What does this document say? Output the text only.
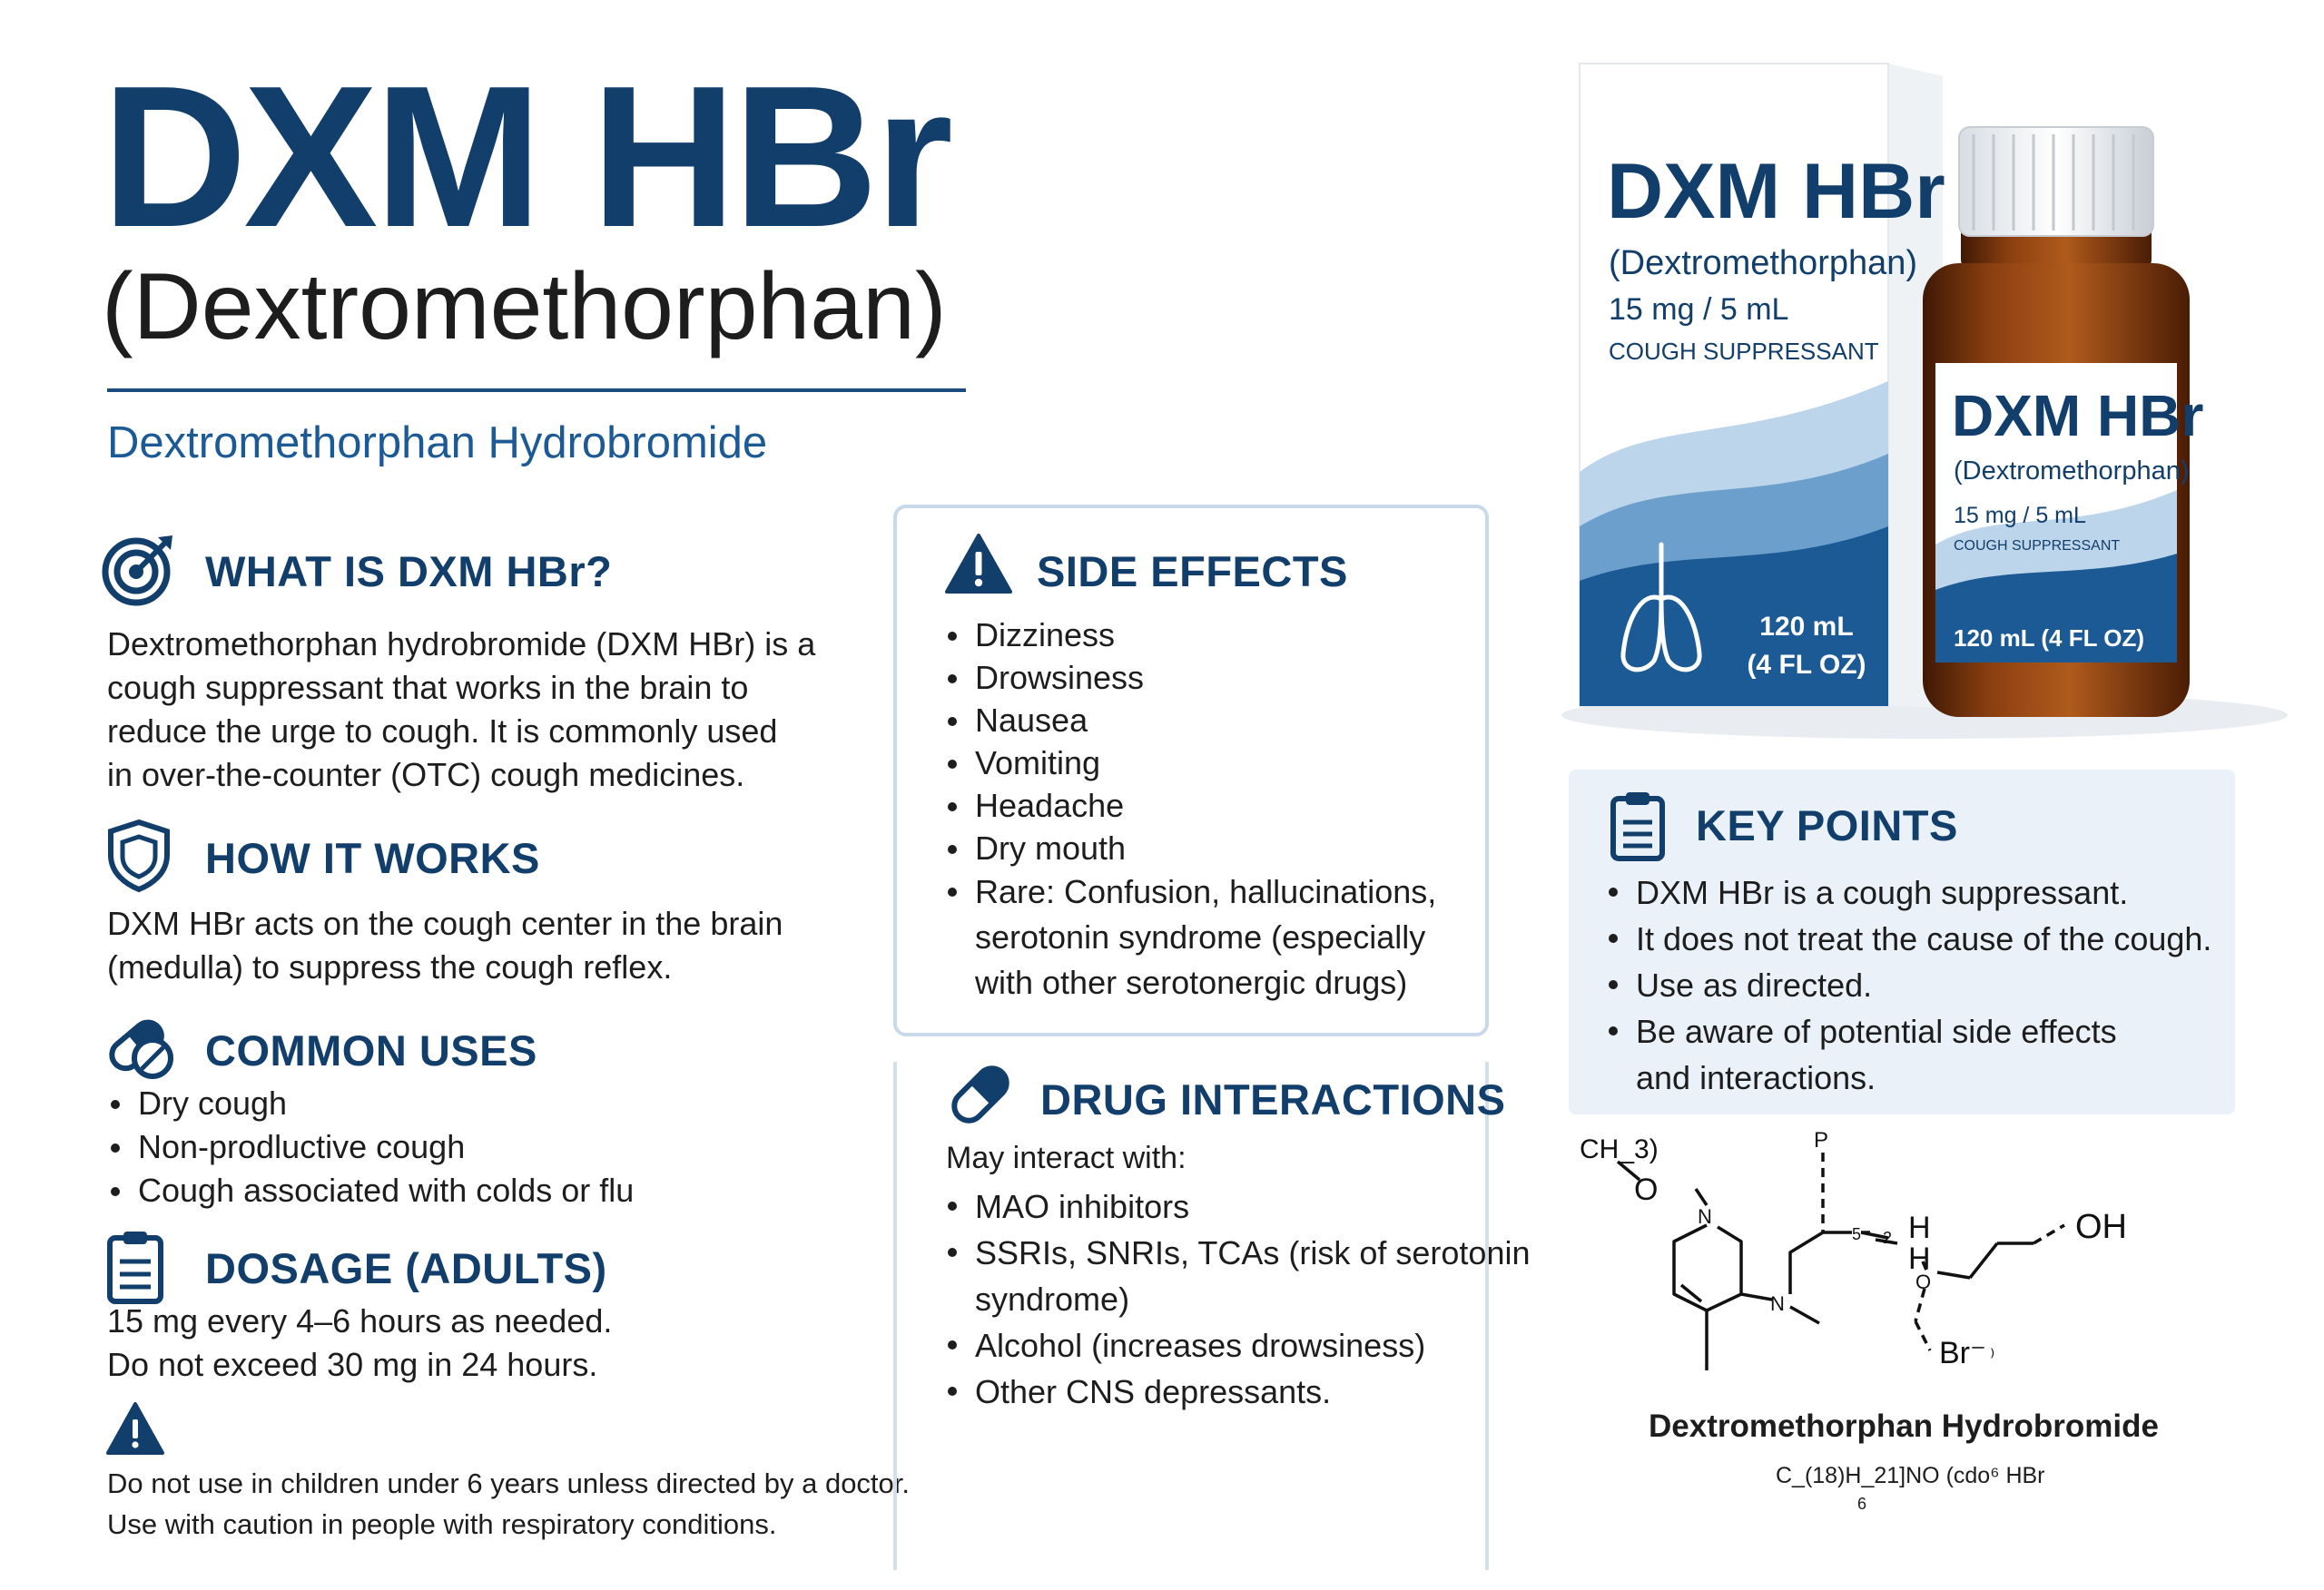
DXM HBr
(Dextromethorphan)
Dextromethorphan Hydrobromide
WHAT IS DXM HBr?
Dextromethorphan hydrobromide (DXM HBr) is a
cough suppressant that works in the brain to
reduce the urge to cough. It is commonly used
in over-the-counter (OTC) cough medicines.
HOW IT WORKS
DXM HBr acts on the cough center in the brain
(medulla) to suppress the cough reflex.
COMMON USES
Dry cough
Non-prodluctive cough
Cough associated with colds or flu
DOSAGE (ADULTS)
15 mg every 4–6 hours as needed.
Do not exceed 30 mg in 24 hours.
Do not use in children under 6 years unless directed by a doctor.
Use with caution in people with respiratory conditions.
SIDE EFFECTS
Dizziness
Drowsiness
Nausea
Vomiting
Headache
Dry mouth
Rare: Confusion, hallucinations,
serotonin syndrome (especially
with other serotonergic drugs)
DRUG INTERACTIONS
May interact with:
MAO inhibitors
SSRIs, SNRIs, TCAs (risk of serotonin
syndrome)
Alcohol (increases drowsiness)
Other CNS depressants.
DXM HBr
(Dextromethorphan)
15 mg / 5 mL
COUGH SUPPRESSANT
120 mL
(4 FL OZ)
DXM HBr
(Dextromethorphan)
15 mg / 5 mL
COUGH SUPPRESSANT
120 mL (4 FL OZ)
KEY POINTS
DXM HBr is a cough suppressant.
It does not treat the cause of the cough.
Use as directed.
Be aware of potential side effects
and interactions.
CH_3)
O
N
N
P
5 2 H
H
O
OH
Br⁻ ⁾
Dextromethorphan Hydrobromide
C_(18)H_21]NO (cdo⁶ HBr
6
